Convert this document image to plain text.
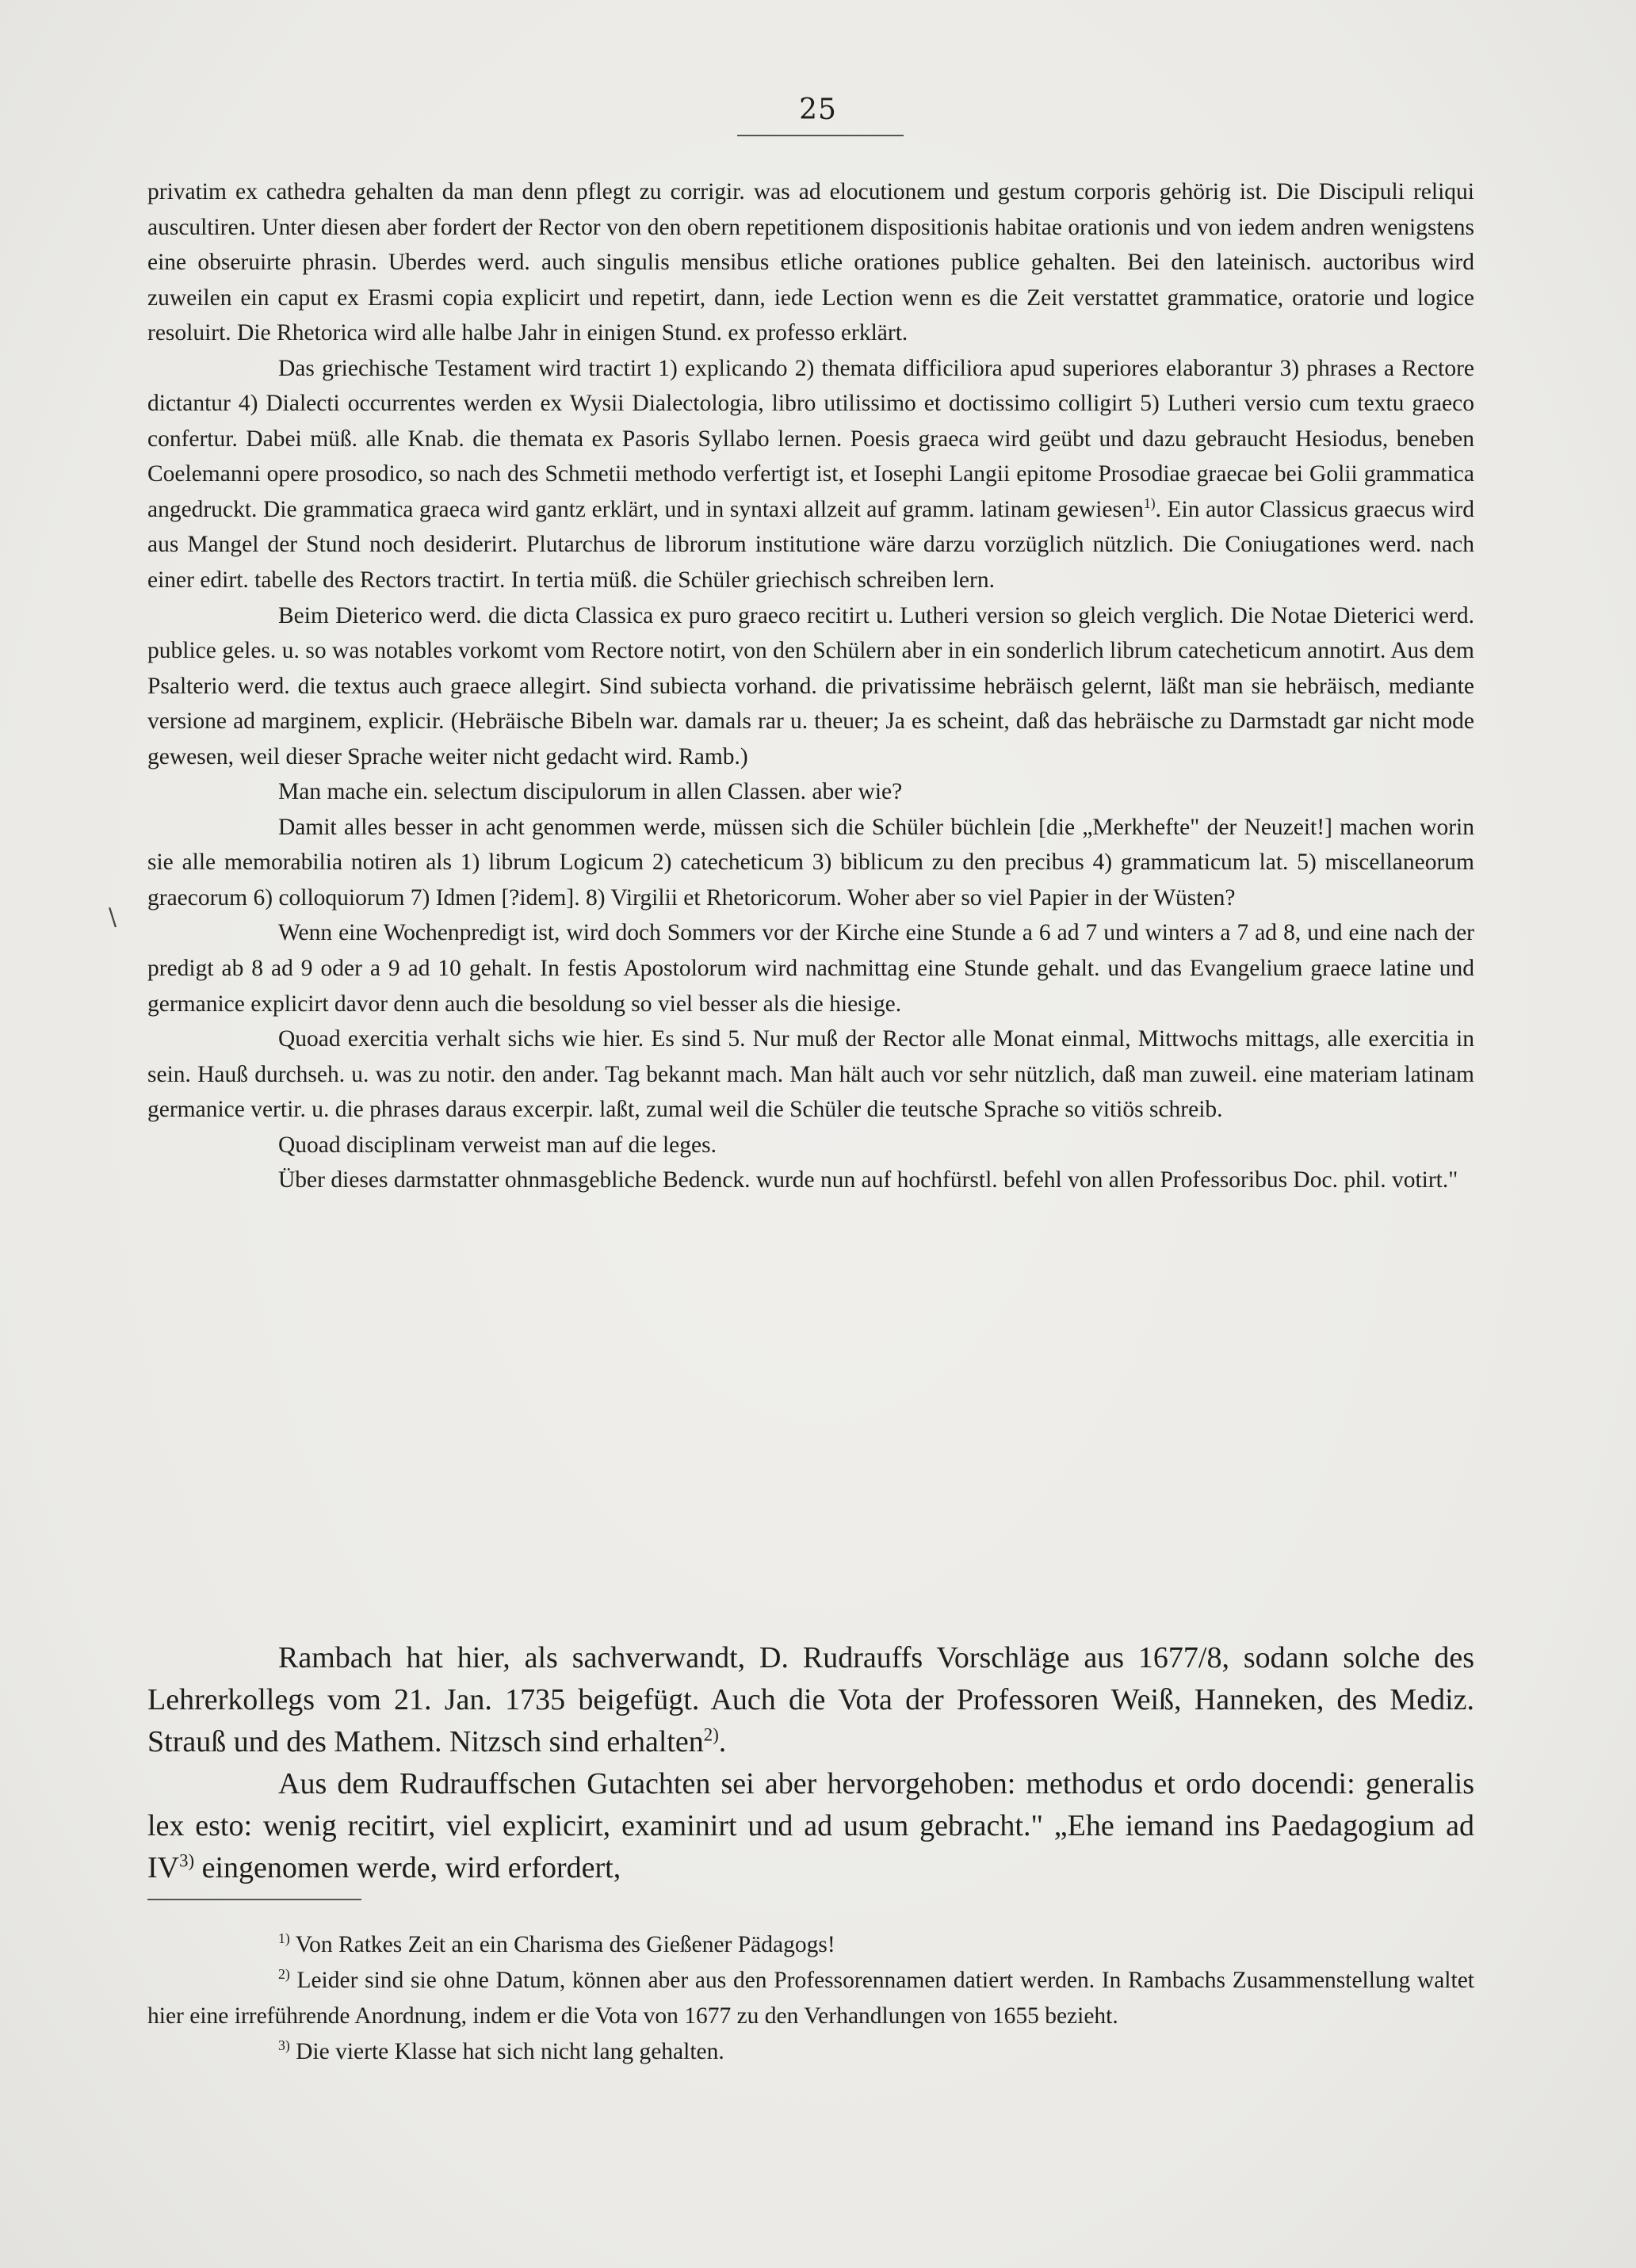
25
\

privatim ex cathedra gehalten da man denn pflegt zu corrigir. was ad elocutionem und gestum corporis gehörig ist. Die Discipuli reliqui auscultiren. Unter diesen aber fordert der Rector von den obern repetitionem dispositionis habitae orationis und von iedem andren wenigstens eine obseruirte phrasin. Uberdes werd. auch singulis mensibus etliche orationes publice gehalten. Bei den lateinisch. auctoribus wird zuweilen ein caput ex Erasmi copia explicirt und repetirt, dann, iede Lection wenn es die Zeit verstattet grammatice, oratorie und logice resoluirt. Die Rhetorica wird alle halbe Jahr in einigen Stund. ex professo erklärt.

Das griechische Testament wird tractirt 1) explicando 2) themata difficiliora apud superiores elaborantur 3) phrases a Rectore dictantur 4) Dialecti occurrentes werden ex Wysii Dialectologia, libro utilissimo et doctissimo colligirt 5) Lutheri versio cum textu graeco confertur. Dabei müß. alle Knab. die themata ex Pasoris Syllabo lernen. Poesis graeca wird geübt und dazu gebraucht Hesiodus, beneben Coelemanni opere prosodico, so nach des Schmetii methodo verfertigt ist, et Iosephi Langii epitome Prosodiae graecae bei Golii grammatica angedruckt. Die grammatica graeca wird gantz erklärt, und in syntaxi allzeit auf gramm. latinam gewiesen$^{1)}$. Ein autor Classicus graecus wird aus Mangel der Stund noch desiderirt. Plutarchus de librorum institutione wäre darzu vorzüglich nützlich. Die Coniugationes werd. nach einer edirt. tabelle des Rectors tractirt. In tertia müß. die Schüler griechisch schreiben lern.

Beim Dieterico werd. die dicta Classica ex puro graeco recitirt u. Lutheri version so gleich verglich. Die Notae Dieterici werd. publice geles. u. so was notables vorkomt vom Rectore notirt, von den Schülern aber in ein sonderlich librum catecheticum annotirt. Aus dem Psalterio werd. die textus auch graece allegirt. Sind subiecta vorhand. die privatissime hebräisch gelernt, läßt man sie hebräisch, mediante versione ad marginem, explicir. (Hebräische Bibeln war. damals rar u. theuer; Ja es scheint, daß das hebräische zu Darmstadt gar nicht mode gewesen, weil dieser Sprache weiter nicht gedacht wird. Ramb.)

Man mache ein. selectum discipulorum in allen Classen. aber wie?

Damit alles besser in acht genommen werde, müssen sich die Schüler büchlein [die „Merkhefte" der Neuzeit!] machen worin sie alle memorabilia notiren als 1) librum Logicum 2) catecheticum 3) biblicum zu den precibus 4) grammaticum lat. 5) miscellaneorum graecorum 6) colloquiorum 7) Idmen [?idem]. 8) Virgilii et Rhetoricorum. Woher aber so viel Papier in der Wüsten?

Wenn eine Wochenpredigt ist, wird doch Sommers vor der Kirche eine Stunde a 6 ad 7 und winters a 7 ad 8, und eine nach der predigt ab 8 ad 9 oder a 9 ad 10 gehalt. In festis Apostolorum wird nachmittag eine Stunde gehalt. und das Evangelium graece latine und germanice explicirt davor denn auch die besoldung so viel besser als die hiesige.

Quoad exercitia verhalt sichs wie hier. Es sind 5. Nur muß der Rector alle Monat einmal, Mittwochs mittags, alle exercitia in sein. Hauß durchseh. u. was zu notir. den ander. Tag bekannt mach. Man hält auch vor sehr nützlich, daß man zuweil. eine materiam latinam germanice vertir. u. die phrases daraus excerpir. laßt, zumal weil die Schüler die teutsche Sprache so vitiös schreib.

Quoad disciplinam verweist man auf die leges.

Über dieses darmstatter ohnmasgebliche Bedenck. wurde nun auf hochfürstl. befehl von allen Professoribus Doc. phil. votirt."

Rambach hat hier, als sachverwandt, D. Rudrauffs Vorschläge aus 1677/8, sodann solche des Lehrerkollegs vom 21. Jan. 1735 beigefügt. Auch die Vota der Professoren Weiß, Hanneken, des Mediz. Strauß und des Mathem. Nitzsch sind erhalten$^{2)}$.

Aus dem Rudrauffschen Gutachten sei aber hervorgehoben: methodus et ordo docendi: generalis lex esto: wenig recitirt, viel explicirt, examinirt und ad usum gebracht." „Ehe iemand ins Paedagogium ad IV$^{3)}$ eingenomen werde, wird erfordert,

$^{1)}$ Von Ratkes Zeit an ein Charisma des Gießener Pädagogs!

$^{2)}$ Leider sind sie ohne Datum, können aber aus den Professorennamen datiert werden. In Rambachs Zusammenstellung waltet hier eine irreführende Anordnung, indem er die Vota von 1677 zu den Verhandlungen von 1655 bezieht.

$^{3)}$ Die vierte Klasse hat sich nicht lang gehalten.
